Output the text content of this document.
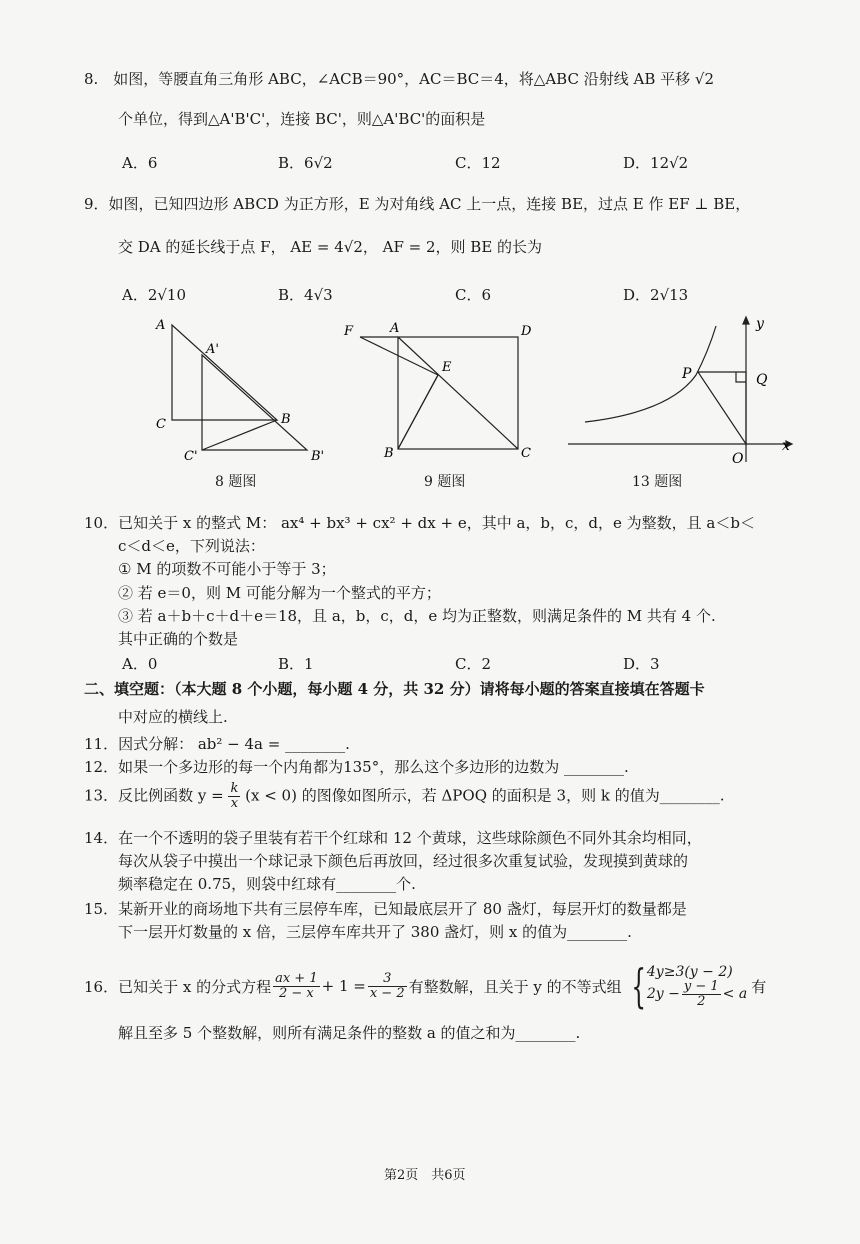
8.　如图，等腰直角三角形 ABC，∠ACB＝90°，AC＝BC＝4，将△ABC 沿射线 AB 平移 √2
个单位，得到△A'B'C'，连接 BC'，则△A'BC'的面积是
A．6	B．6√2	C．12	D．12√2
9．如图，已知四边形 ABCD 为正方形，E 为对角线 AC 上一点，连接 BE，过点 E 作 EF ⊥ BE，
交 DA 的延长线于点 F， AE = 4√2， AF = 2，则 BE 的长为
A．2√10	B．4√3	C．6	D．2√13
A
A'
C	B
C'	B'
8 题图
F	A	D
E
B	C
9 题图
y
P	Q
x
O
13 题图
10．已知关于 x 的整式 M： ax⁴ + bx³ + cx² + dx + e，其中 a，b，c，d，e 为整数，且 a＜b＜
c＜d＜e，下列说法：
① M 的项数不可能小于等于 3；
② 若 e＝0，则 M 可能分解为一个整式的平方；
③ 若 a＋b＋c＋d＋e＝18，且 a，b，c，d，e 均为正整数，则满足条件的 M 共有 4 个.
其中正确的个数是
A．0	B．1	C．2	D．3
二、填空题：（本大题 8 个小题，每小题 4 分，共 32 分）请将每小题的答案直接填在答题卡
中对应的横线上.
11．因式分解： ab² − 4a = ________.
12．如果一个多边形的每一个内角都为135°，那么这个多边形的边数为 ________.
13．反比例函数 $y = \frac{k}{x} (x < 0)$ 的图像如图所示，若 ΔPOQ 的面积是 3，则 k 的值为________.
14．在一个不透明的袋子里装有若干个红球和 12 个黄球，这些球除颜色不同外其余均相同，
每次从袋子中摸出一个球记录下颜色后再放回，经过很多次重复试验，发现摸到黄球的
频率稳定在 0.75，则袋中红球有________个.
15．某新开业的商场地下共有三层停车库，已知最底层开了 80 盏灯，每层开灯的数量都是
下一层开灯数量的 x 倍，三层停车库共开了 380 盏灯，则 x 的值为________.
16．已知关于 x 的分式方程 $\frac{ax + 1}{2 - x} + 1 = \frac{3}{x - 2}$ 有整数解，且关于 y 的不等式组 { 4y≥3(y − 2)
$2y - \frac{y - 1}{2} < a$ 有
解且至多 5 个整数解，则所有满足条件的整数 a 的值之和为________.
第2页　共6页
